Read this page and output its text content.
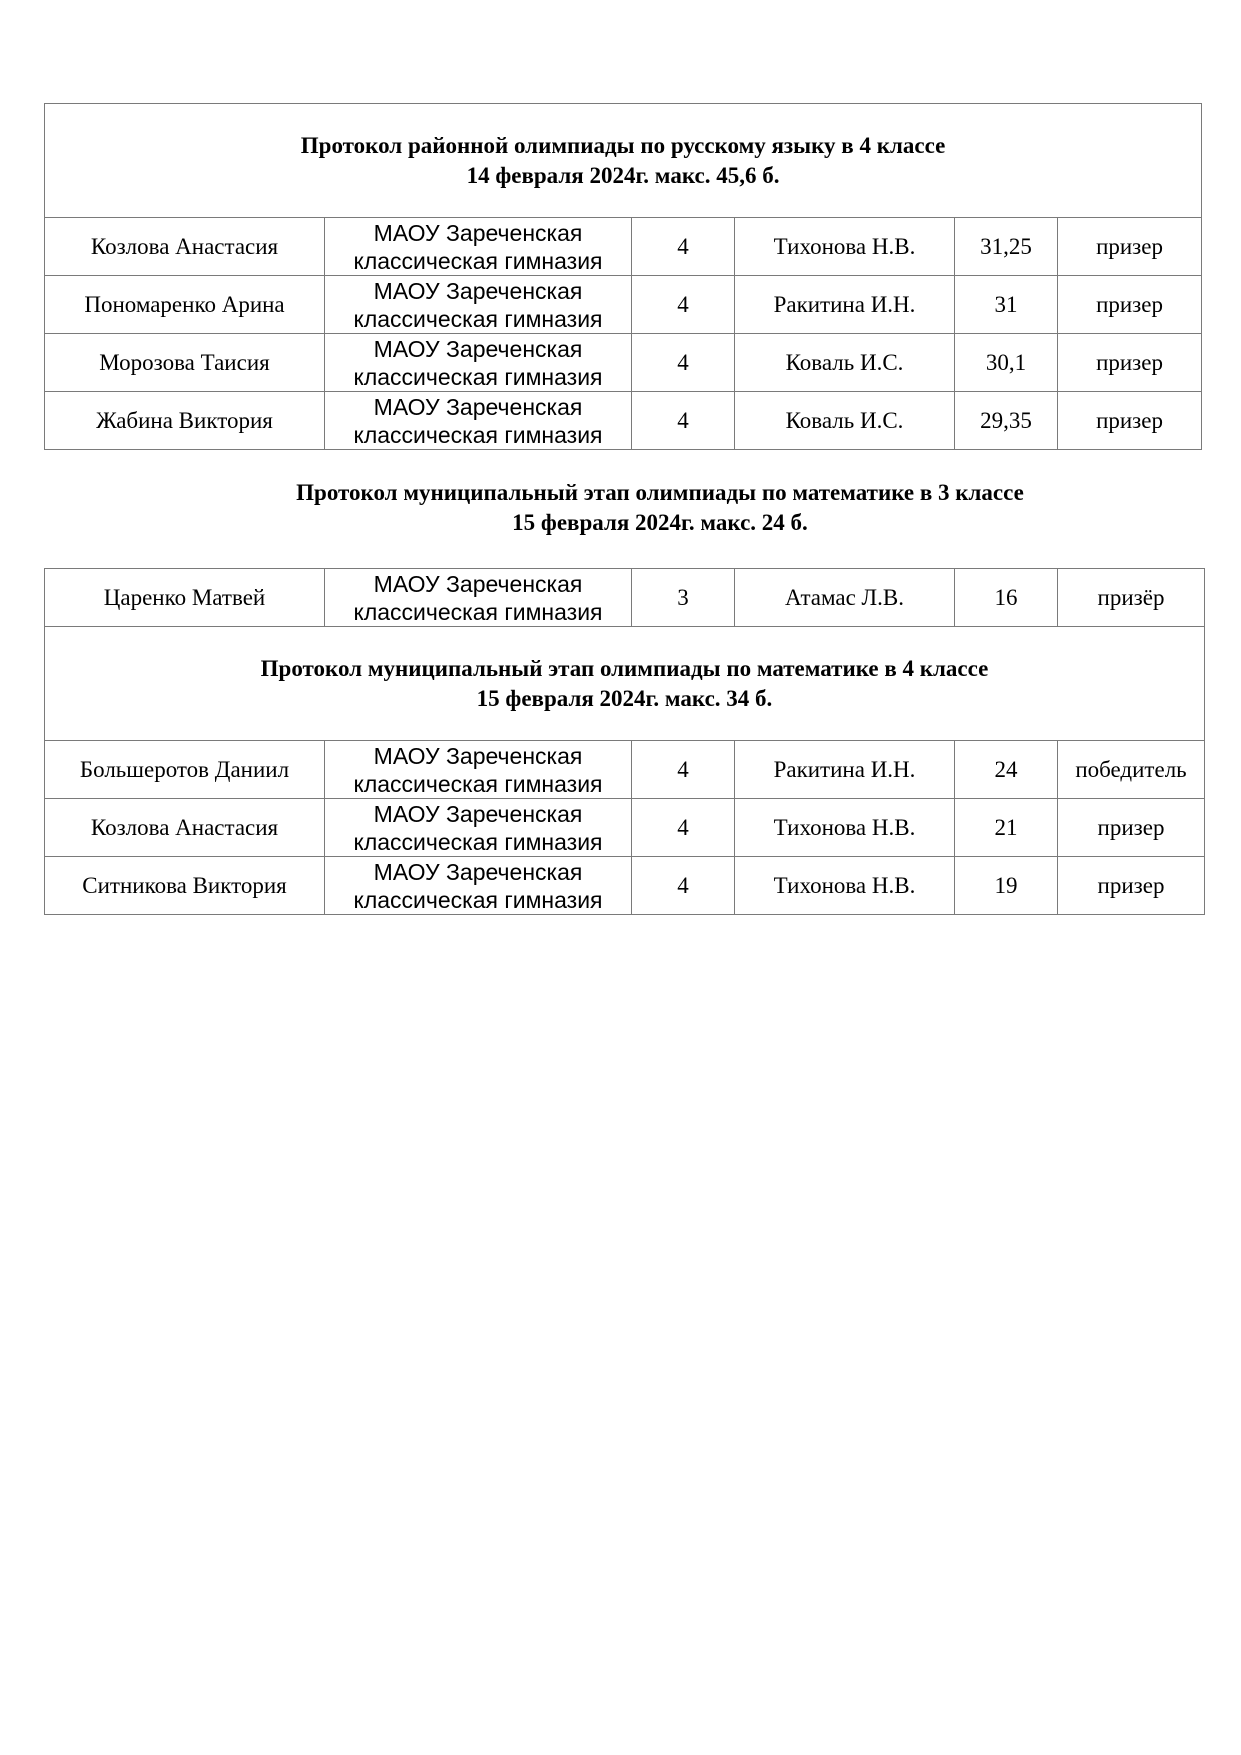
Протокол районной олимпиады по русскому языку в 4 классе
14 февраля 2024г. макс. 45,6 б.					

Козлова Анастасия	МАОУ Зареченская
классическая гимназия	4	Тихонова Н.В.	31,25	призер
Пономаренко Арина	МАОУ Зареченская
классическая гимназия	4	Ракитина И.Н.	31	призер
Морозова Таисия	МАОУ Зареченская
классическая гимназия	4	Коваль И.С.	30,1	призер
Жабина Виктория	МАОУ Зареченская
классическая гимназия	4	Коваль И.С.	29,35	призер
Протокол муниципальный этап олимпиады по математике в 3 классе
15 февраля 2024г. макс. 24 б.
Царенко Матвей	МАОУ Зареченская
классическая гимназия	3	Атамас Л.В.	16	призёр

Протокол муниципальный этап олимпиады по математике в 4 классе
15 февраля 2024г. макс. 34 б.					

Большеротов Даниил	МАОУ Зареченская
классическая гимназия	4	Ракитина И.Н.	24	победитель
Козлова Анастасия	МАОУ Зареченская
классическая гимназия	4	Тихонова Н.В.	21	призер
Ситникова Виктория	МАОУ Зареченская
классическая гимназия	4	Тихонова Н.В.	19	призер
